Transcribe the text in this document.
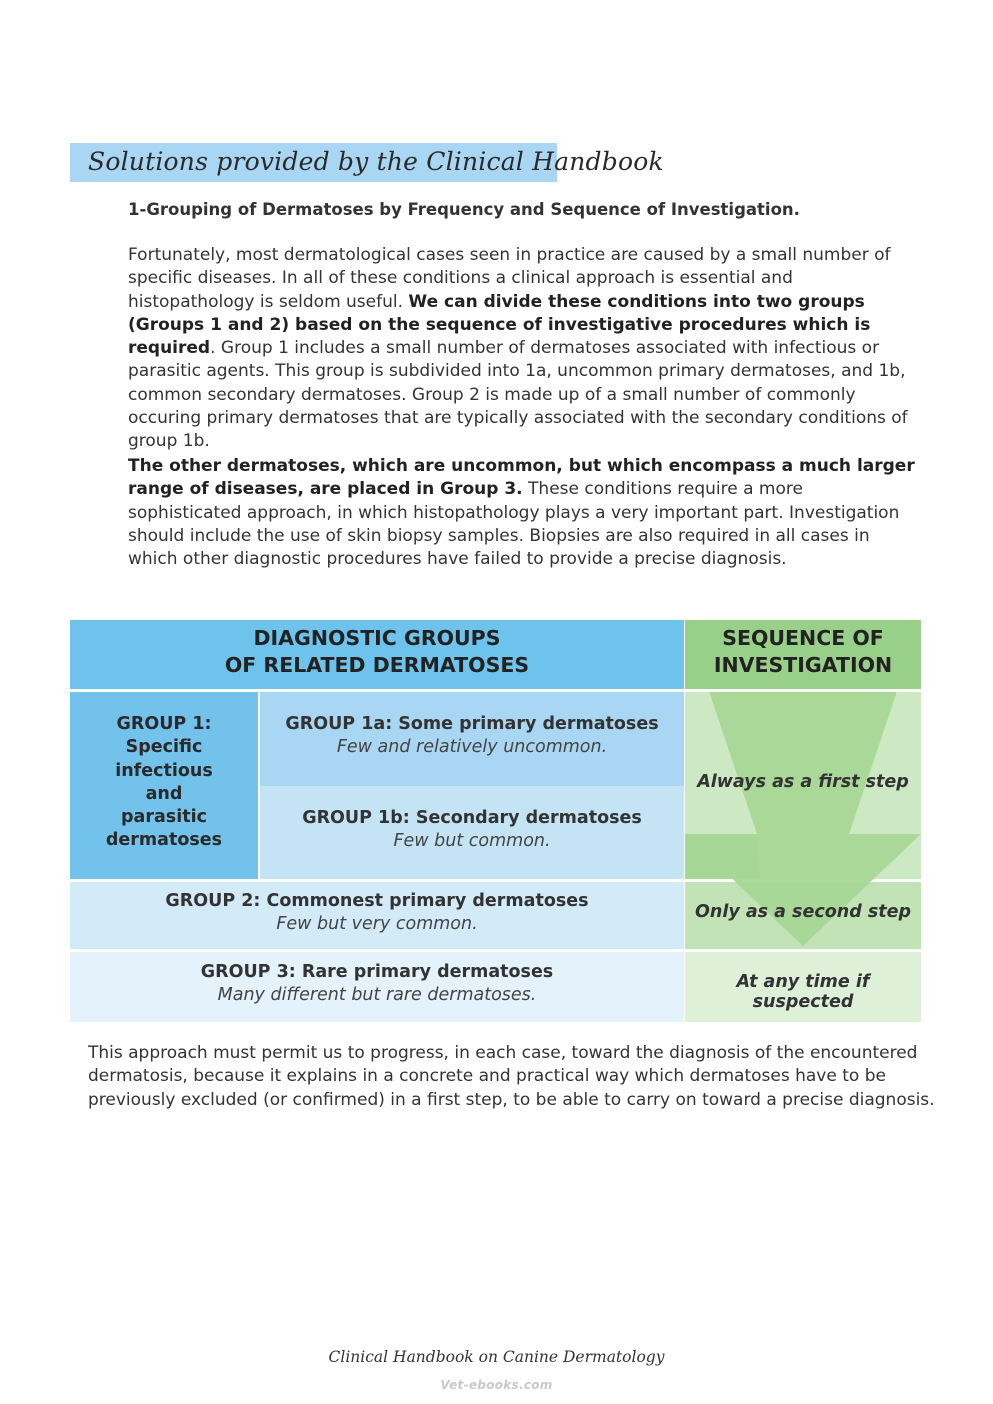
Solutions provided by the Clinical Handbook
1-Grouping of Dermatoses by Frequency and Sequence of Investigation.
Fortunately, most dermatological cases seen in practice are caused by a small number of specific diseases. In all of these conditions a clinical approach is essential and histopathology is seldom useful. We can divide these conditions into two groups (Groups 1 and 2) based on the sequence of investigative procedures which is required. Group 1 includes a small number of dermatoses associated with infectious or parasitic agents. This group is subdivided into 1a, uncommon primary dermatoses, and 1b, common secondary dermatoses. Group 2 is made up of a small number of commonly occuring primary dermatoses that are typically associated with the secondary conditions of group 1b.
The other dermatoses, which are uncommon, but which encompass a much larger range of diseases, are placed in Group 3. These conditions require a more sophisticated approach, in which histopathology plays a very important part. Investigation should include the use of skin biopsy samples. Biopsies are also required in all cases in which other diagnostic procedures have failed to provide a precise diagnosis.
DIAGNOSTIC GROUPS
OF RELATED DERMATOSES
SEQUENCE OF
INVESTIGATION
GROUP 1:
Specific
infectious
and
parasitic
dermatoses
GROUP 1a: Some primary dermatoses
Few and relatively uncommon.
GROUP 1b: Secondary dermatoses
Few but common.
GROUP 2: Commonest primary dermatoses
Few but very common.
GROUP 3: Rare primary dermatoses
Many different but rare dermatoses.
Always as a first step
Only as a second step
At any time if suspected
This approach must permit us to progress, in each case, toward the diagnosis of the encountered dermatosis, because it explains in a concrete and practical way which dermatoses have to be previously excluded (or confirmed) in a first step, to be able to carry on toward a precise diagnosis.
Clinical Handbook on Canine Dermatology
Vet-ebooks.com
